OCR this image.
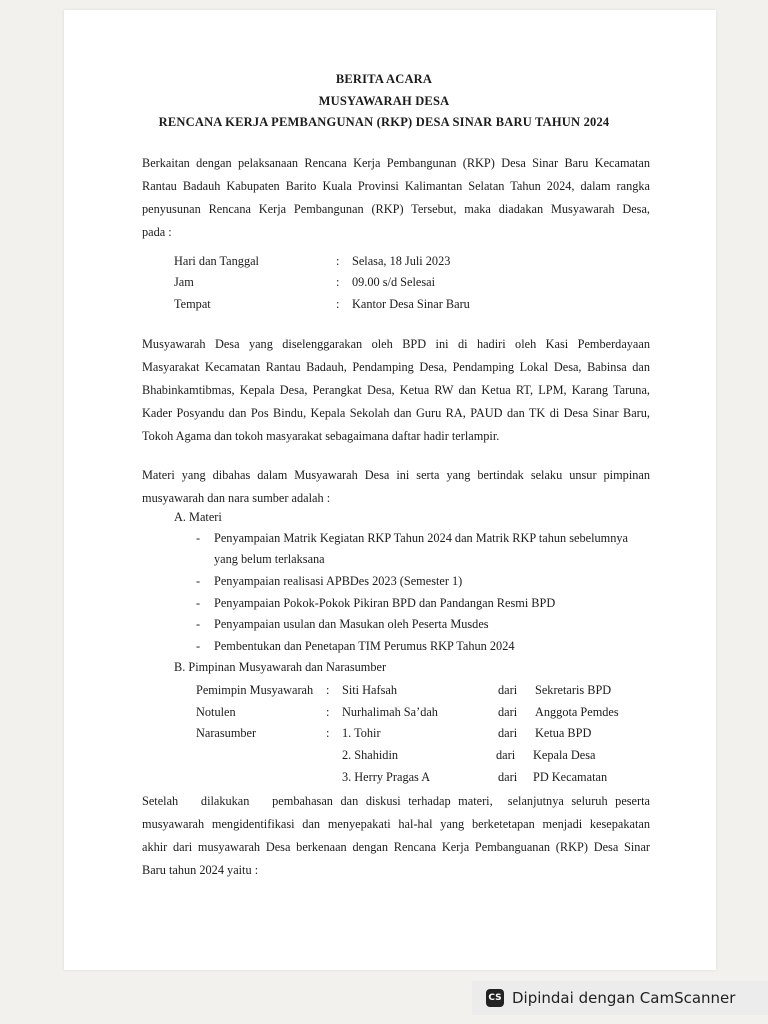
BERITA ACARA
MUSYAWARAH DESA
RENCANA KERJA PEMBANGUNAN (RKP) DESA SINAR BARU TAHUN 2024
Berkaitan dengan pelaksanaan Rencana Kerja Pembangunan (RKP) Desa Sinar Baru Kecamatan
Rantau Badauh Kabupaten Barito Kuala Provinsi Kalimantan Selatan Tahun 2024, dalam rangka
penyusunan Rencana Kerja Pembangunan (RKP) Tersebut, maka diadakan Musyawarah Desa,
pada :
Hari dan Tanggal	: Selasa, 18 Juli 2023
Jam	: 09.00 s/d Selesai
Tempat	: Kantor Desa Sinar Baru
Musyawarah Desa yang diselenggarakan oleh BPD ini di hadiri oleh Kasi Pemberdayaan
Masyarakat Kecamatan Rantau Badauh, Pendamping Desa, Pendamping Lokal Desa, Babinsa dan
Bhabinkamtibmas, Kepala Desa, Perangkat Desa, Ketua RW dan Ketua RT, LPM, Karang Taruna,
Kader Posyandu dan Pos Bindu, Kepala Sekolah dan Guru RA, PAUD dan TK di Desa Sinar Baru,
Tokoh Agama dan tokoh masyarakat sebagaimana daftar hadir terlampir.
Materi yang dibahas dalam Musyawarah Desa ini serta yang bertindak selaku unsur pimpinan
musyawarah dan nara sumber adalah :
A. Materi
- Penyampaian Matrik Kegiatan RKP Tahun 2024 dan Matrik RKP tahun sebelumnya
yang belum terlaksana
- Penyampaian realisasi APBDes 2023 (Semester 1)
- Penyampaian Pokok-Pokok Pikiran BPD dan Pandangan Resmi BPD
- Penyampaian usulan dan Masukan oleh Peserta Musdes
- Pembentukan dan Penetapan TIM Perumus RKP Tahun 2024
B. Pimpinan Musyawarah dan Narasumber
Pemimpin Musyawarah : Siti Hafsah	dari Sekretaris BPD
Notulen	: Nurhalimah Sa’dah	dari Anggota Pemdes
Narasumber	: 1. Tohir	dari Ketua BPD
2. Shahidin	dari Kepala Desa
3. Herry Pragas A	dari PD Kecamatan
Setelah   dilakukan   pembahasan dan diskusi terhadap materi,  selanjutnya seluruh peserta
musyawarah mengidentifikasi dan menyepakati hal-hal yang berketetapan menjadi kesepakatan
akhir dari musyawarah Desa berkenaan dengan Rencana Kerja Pembanguanan (RKP) Desa Sinar
Baru tahun 2024 yaitu :
CS Dipindai dengan CamScanner
